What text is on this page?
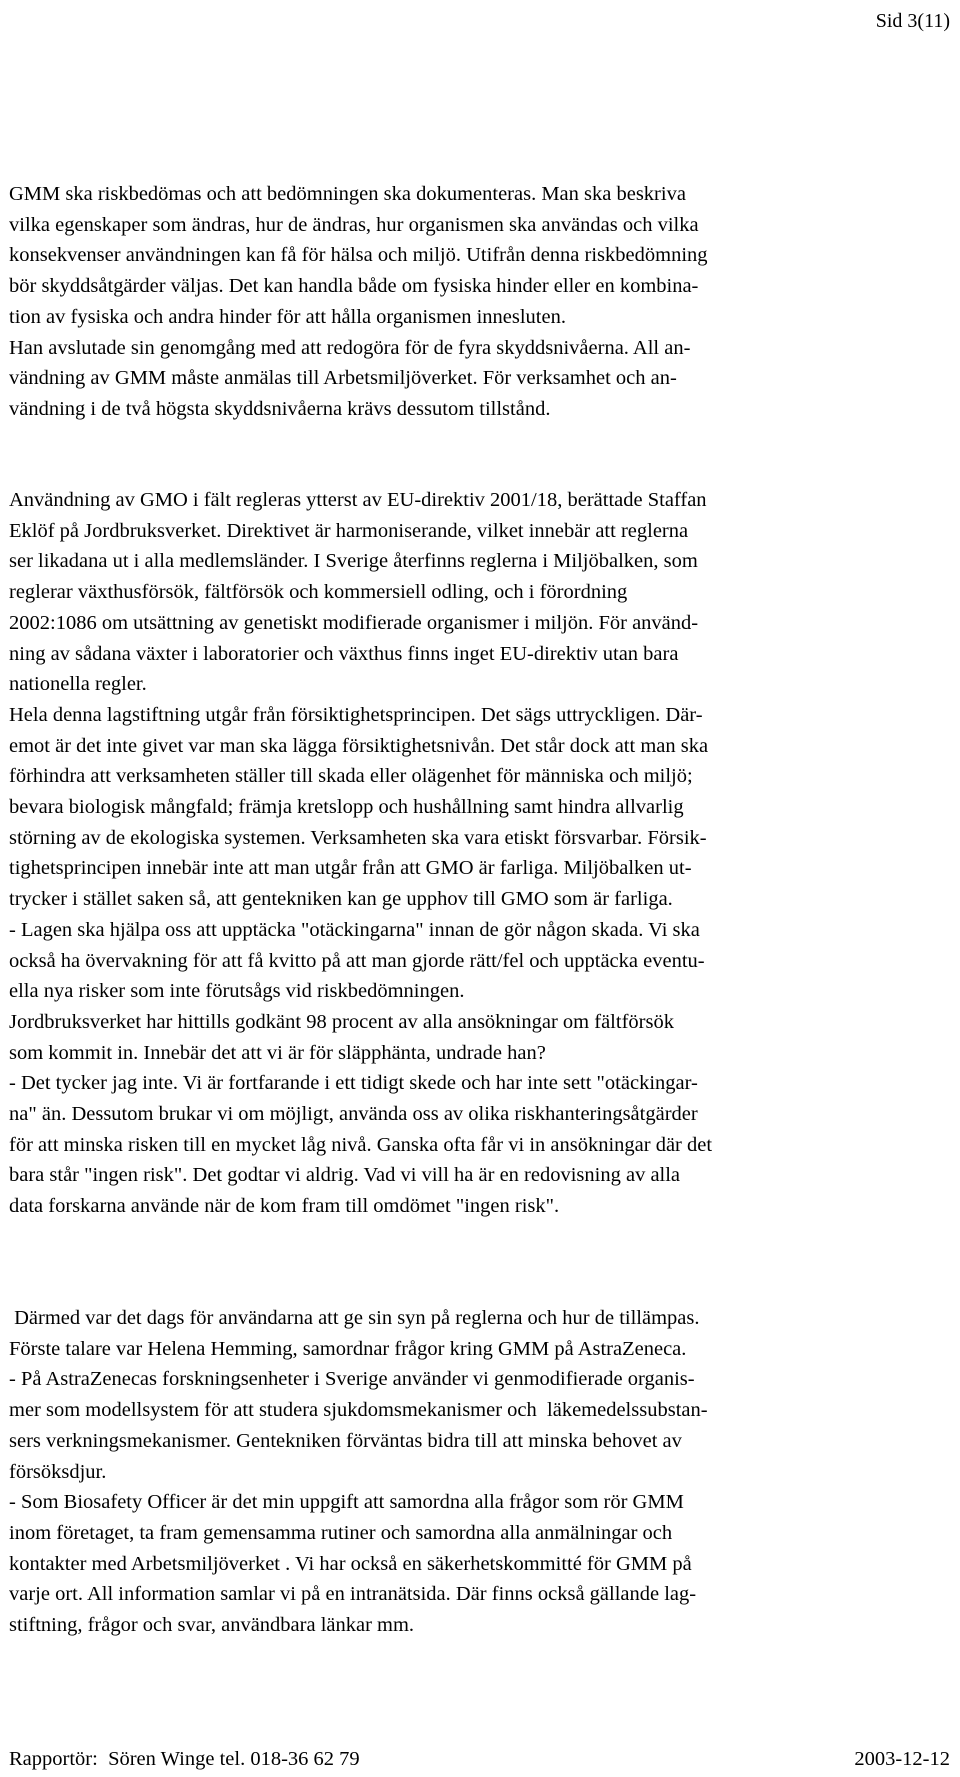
Sid 3(11)
GMM ska riskbedömas och att bedömningen ska dokumenteras. Man ska beskriva
vilka egenskaper som ändras, hur de ändras, hur organismen ska användas och vilka
konsekvenser användningen kan få för hälsa och miljö. Utifrån denna riskbedömning
bör skyddsåtgärder väljas. Det kan handla både om fysiska hinder eller en kombina-
tion av fysiska och andra hinder för att hålla organismen innesluten.
Han avslutade sin genomgång med att redogöra för de fyra skyddsnivåerna. All an-
vändning av GMM måste anmälas till Arbetsmiljöverket. För verksamhet och an-
vändning i de två högsta skyddsnivåerna krävs dessutom tillstånd.
Användning av GMO i fält regleras ytterst av EU-direktiv 2001/18, berättade Staffan
Eklöf på Jordbruksverket. Direktivet är harmoniserande, vilket innebär att reglerna
ser likadana ut i alla medlemsländer. I Sverige återfinns reglerna i Miljöbalken, som
reglerar växthusförsök, fältförsök och kommersiell odling, och i förordning
2002:1086 om utsättning av genetiskt modifierade organismer i miljön. För använd-
ning av sådana växter i laboratorier och växthus finns inget EU-direktiv utan bara
nationella regler.
Hela denna lagstiftning utgår från försiktighetsprincipen. Det sägs uttryckligen. Där-
emot är det inte givet var man ska lägga försiktighetsnivån. Det står dock att man ska
förhindra att verksamheten ställer till skada eller olägenhet för människa och miljö;
bevara biologisk mångfald; främja kretslopp och hushållning samt hindra allvarlig
störning av de ekologiska systemen. Verksamheten ska vara etiskt försvarbar. Försik-
tighetsprincipen innebär inte att man utgår från att GMO är farliga. Miljöbalken ut-
trycker i stället saken så, att gentekniken kan ge upphov till GMO som är farliga.
- Lagen ska hjälpa oss att upptäcka "otäckingarna" innan de gör någon skada. Vi ska
också ha övervakning för att få kvitto på att man gjorde rätt/fel och upptäcka eventu-
ella nya risker som inte förutsågs vid riskbedömningen.
Jordbruksverket har hittills godkänt 98 procent av alla ansökningar om fältförsök
som kommit in. Innebär det att vi är för släpphänta, undrade han?
- Det tycker jag inte. Vi är fortfarande i ett tidigt skede och har inte sett "otäckingar-
na" än. Dessutom brukar vi om möjligt, använda oss av olika riskhanteringsåtgärder
för att minska risken till en mycket låg nivå. Ganska ofta får vi in ansökningar där det
bara står "ingen risk". Det godtar vi aldrig. Vad vi vill ha är en redovisning av alla
data forskarna använde när de kom fram till omdömet "ingen risk".
Därmed var det dags för användarna att ge sin syn på reglerna och hur de tillämpas.
Förste talare var Helena Hemming, samordnar frågor kring GMM på AstraZeneca.
- På AstraZenecas forskningsenheter i Sverige använder vi genmodifierade organis-
mer som modellsystem för att studera sjukdomsmekanismer och  läkemedelssubstan-
sers verkningsmekanismer. Gentekniken förväntas bidra till att minska behovet av
försöksdjur.
- Som Biosafety Officer är det min uppgift att samordna alla frågor som rör GMM
inom företaget, ta fram gemensamma rutiner och samordna alla anmälningar och
kontakter med Arbetsmiljöverket . Vi har också en säkerhetskommitté för GMM på
varje ort. All information samlar vi på en intranätsida. Där finns också gällande lag-
stiftning, frågor och svar, användbara länkar mm.
Rapportör:  Sören Winge tel. 018-36 62 79	2003-12-12
